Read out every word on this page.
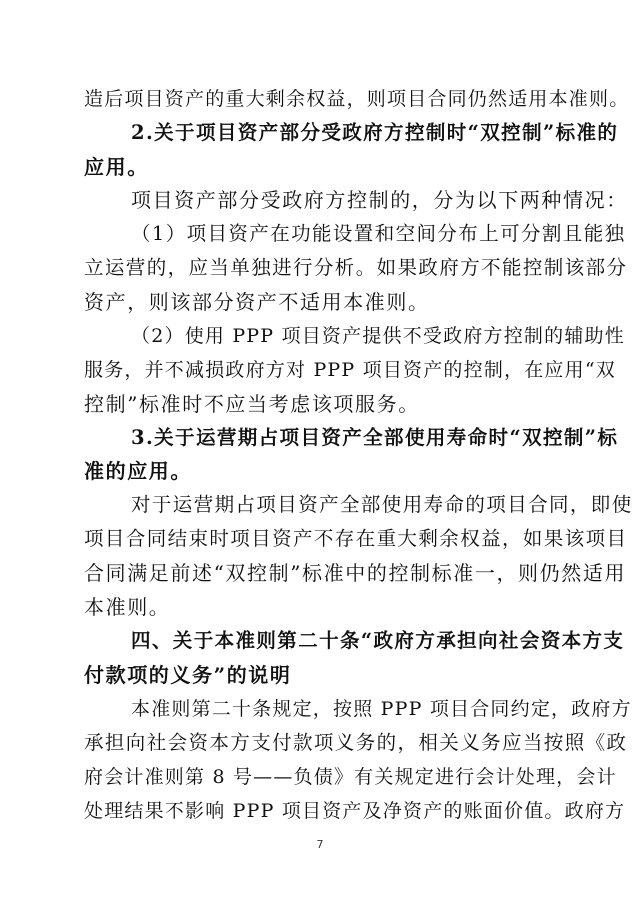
造后项目资产的重大剩余权益，则项目合同仍然适用本准则。
2.关于项目资产部分受政府方控制时“双控制”标准的
应用。
项目资产部分受政府方控制的，分为以下两种情况：
（1）项目资产在功能设置和空间分布上可分割且能独
立运营的，应当单独进行分析。如果政府方不能控制该部分
资产，则该部分资产不适用本准则。
（2）使用 PPP 项目资产提供不受政府方控制的辅助性
服务，并不减损政府方对 PPP 项目资产的控制，在应用“双
控制”标准时不应当考虑该项服务。
3.关于运营期占项目资产全部使用寿命时“双控制”标
准的应用。
对于运营期占项目资产全部使用寿命的项目合同，即使
项目合同结束时项目资产不存在重大剩余权益，如果该项目
合同满足前述“双控制”标准中的控制标准一，则仍然适用
本准则。
四、关于本准则第二十条“政府方承担向社会资本方支
付款项的义务”的说明
本准则第二十条规定，按照 PPP 项目合同约定，政府方
承担向社会资本方支付款项义务的，相关义务应当按照《政
府会计准则第 8 号——负债》有关规定进行会计处理，会计
处理结果不影响 PPP 项目资产及净资产的账面价值。政府方
7
